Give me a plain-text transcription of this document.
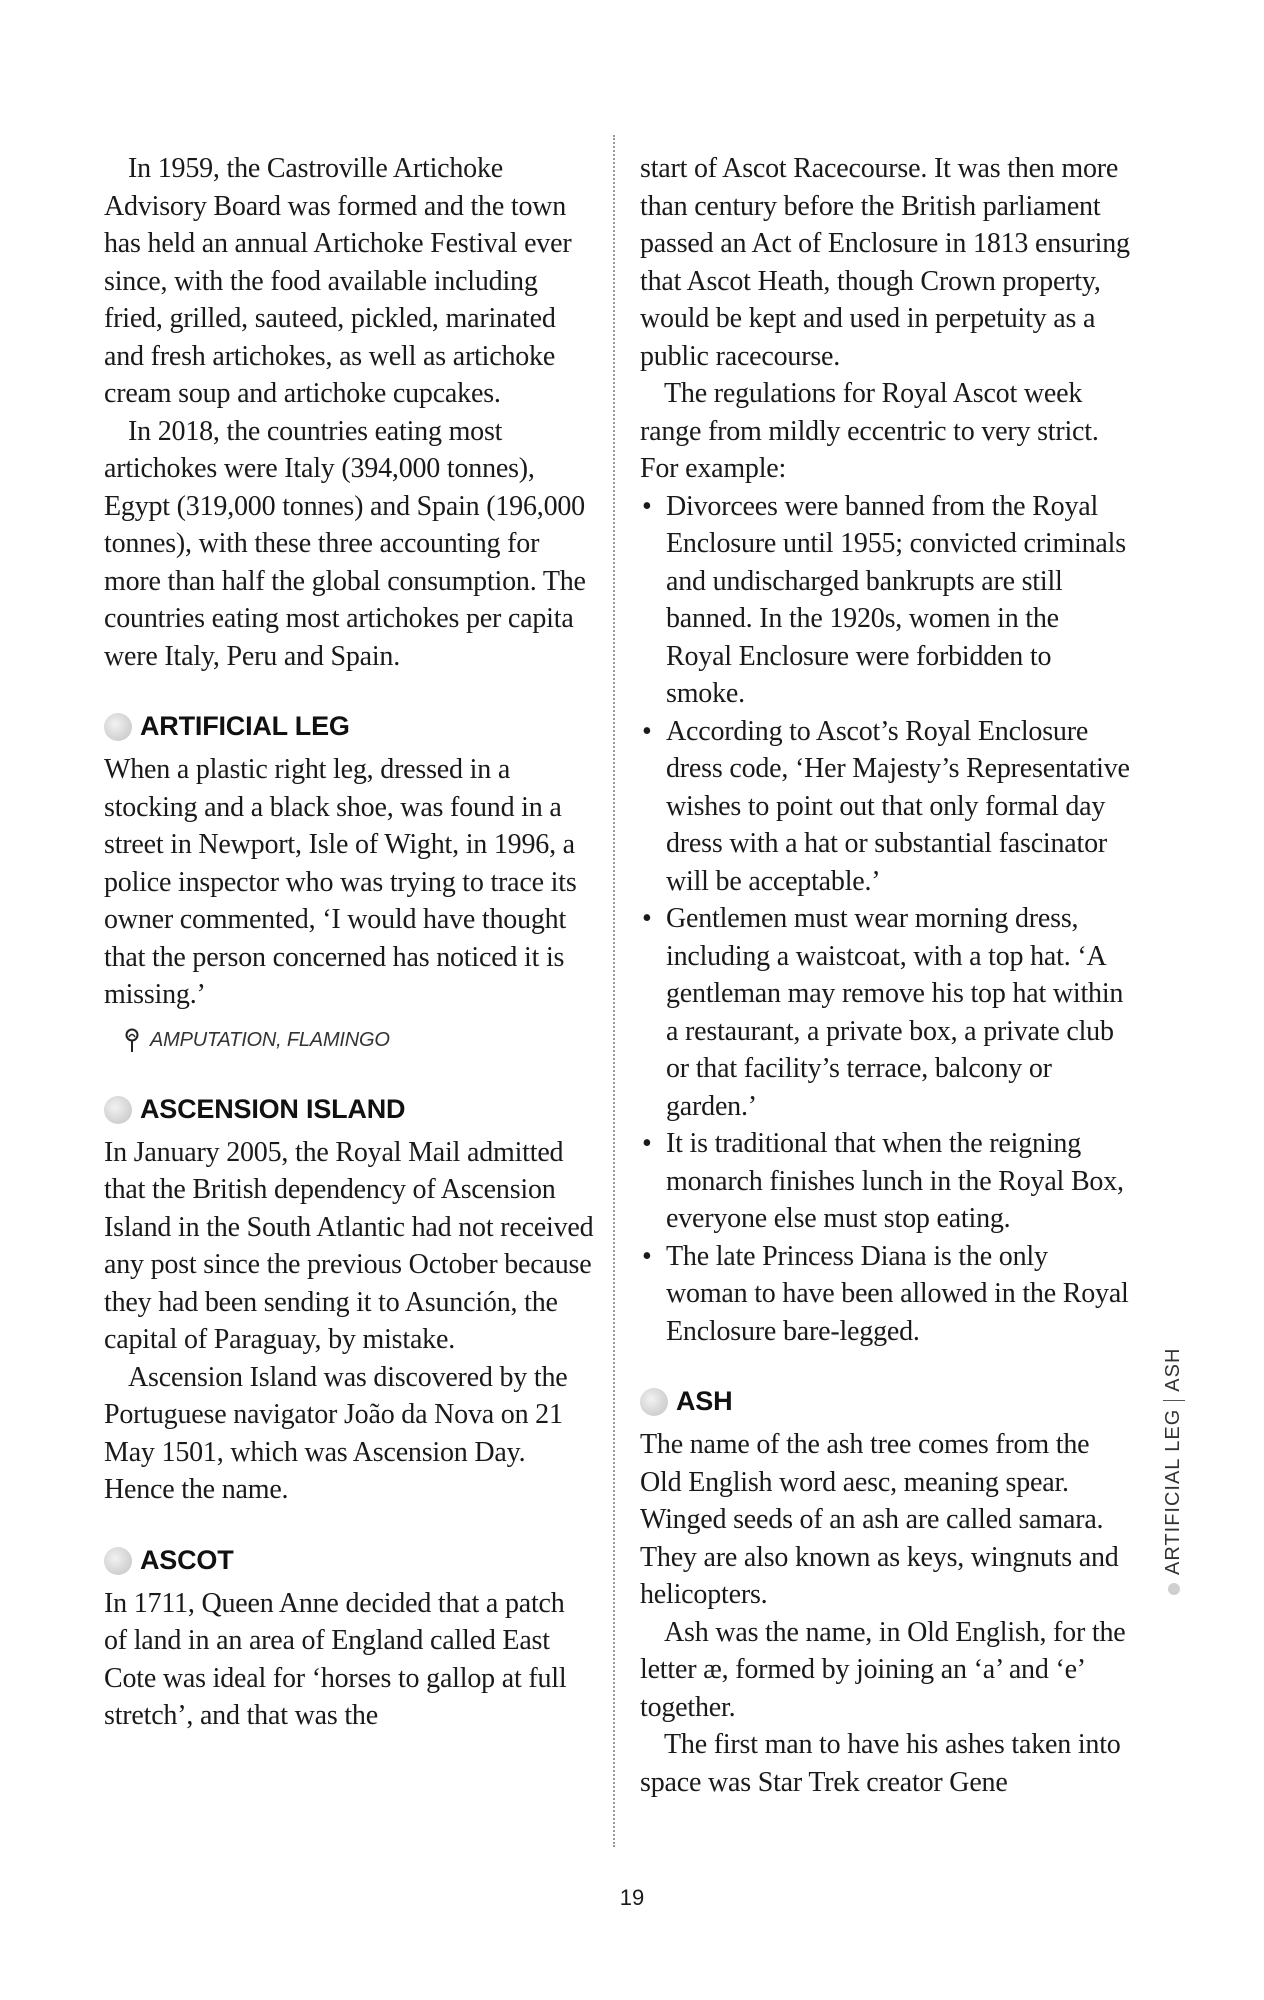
In 1959, the Castroville Artichoke Advisory Board was formed and the town has held an annual Artichoke Festival ever since, with the food available including fried, grilled, sauteed, pickled, marinated and fresh artichokes, as well as artichoke cream soup and artichoke cupcakes.

In 2018, the countries eating most artichokes were Italy (394,000 tonnes), Egypt (319,000 tonnes) and Spain (196,000 tonnes), with these three accounting for more than half the global consumption. The countries eating most artichokes per capita were Italy, Peru and Spain.

ARTIFICIAL LEG

When a plastic right leg, dressed in a stocking and a black shoe, was found in a street in Newport, Isle of Wight, in 1996, a police inspector who was trying to trace its owner commented, ‘I would have thought that the person concerned has noticed it is missing.’

AMPUTATION, FLAMINGO
ASCENSION ISLAND

In January 2005, the Royal Mail admitted that the British dependency of Ascension Island in the South Atlantic had not received any post since the previous October because they had been sending it to Asunción, the capital of Paraguay, by mistake.

Ascension Island was discovered by the Portuguese navigator João da Nova on 21 May 1501, which was Ascension Day. Hence the name.

ASCOT

In 1711, Queen Anne decided that a patch of land in an area of England called East Cote was ideal for ‘horses to gallop at full stretch’, and that was the

start of Ascot Racecourse. It was then more than century before the British parliament passed an Act of Enclosure in 1813 ensuring that Ascot Heath, though Crown property, would be kept and used in perpetuity as a public racecourse.

The regulations for Royal Ascot week range from mildly eccentric to very strict. For example:

• Divorcees were banned from the Royal Enclosure until 1955; convicted criminals and undischarged bankrupts are still banned. In the 1920s, women in the Royal Enclosure were forbidden to smoke.
• According to Ascot’s Royal Enclosure dress code, ‘Her Majesty’s Representative wishes to point out that only formal day dress with a hat or substantial fascinator will be acceptable.’
• Gentlemen must wear morning dress, including a waistcoat, with a top hat. ‘A gentleman may remove his top hat within a restaurant, a private box, a private club or that facility’s terrace, balcony or garden.’
• It is traditional that when the reigning monarch finishes lunch in the Royal Box, everyone else must stop eating.
• The late Princess Diana is the only woman to have been allowed in the Royal Enclosure bare-legged.
ASH

The name of the ash tree comes from the Old English word aesc, meaning spear. Winged seeds of an ash are called samara. They are also known as keys, wingnuts and helicopters.

Ash was the name, in Old English, for the letter æ, formed by joining an ‘a’ and ‘e’ together.

The first man to have his ashes taken into space was Star Trek creator Gene

ARTIFICIAL LEG
ASH
19
